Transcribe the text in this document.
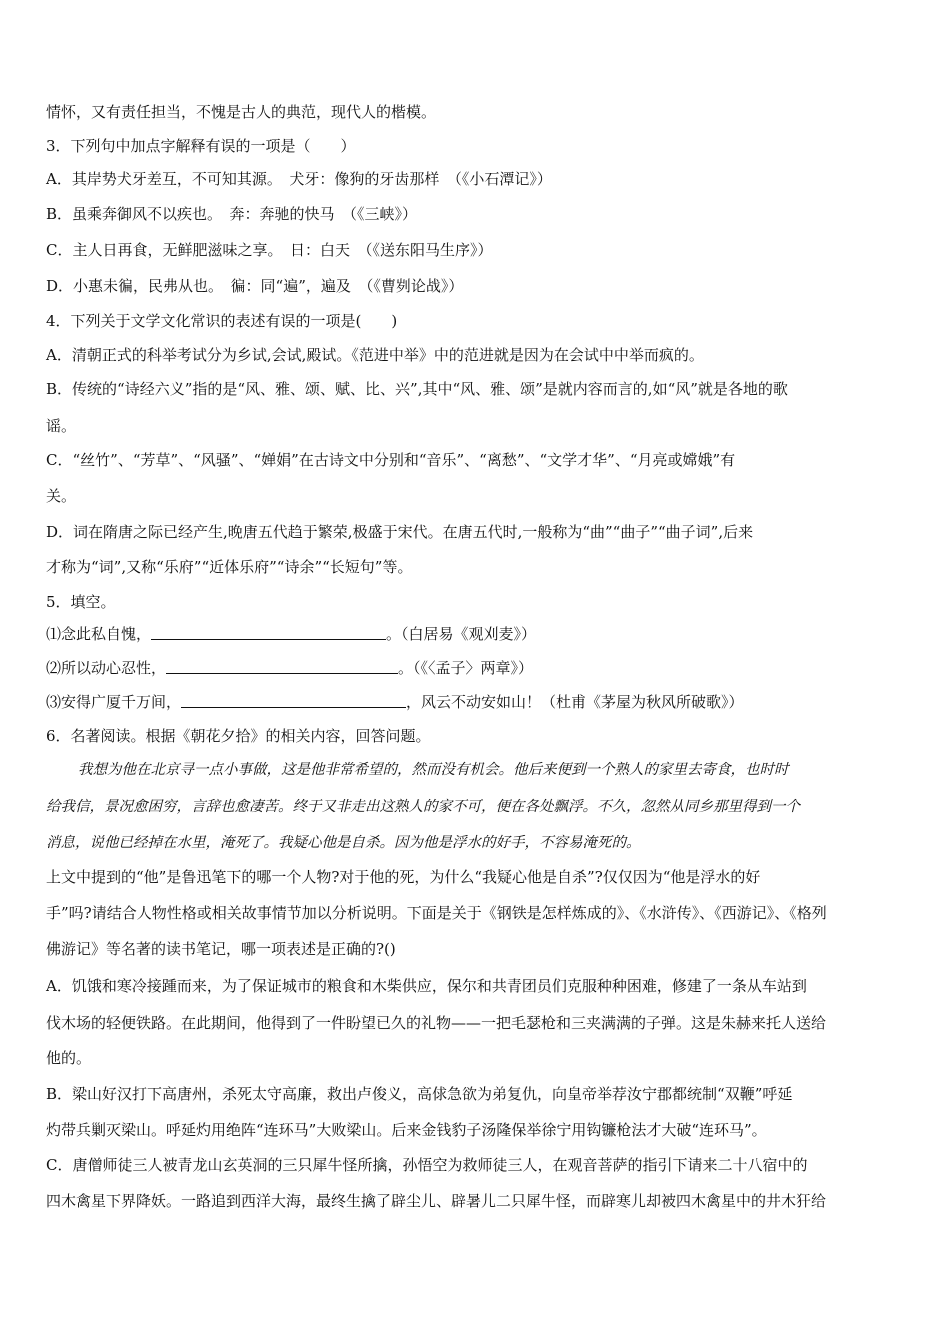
情怀，又有责任担当，不愧是古人的典范，现代人的楷模。
3．下列句中加点字解释有误的一项是（　　）
A．其岸势犬牙差互，不可知其源。　犬牙：像狗的牙齿那样　（《小石潭记》）
B．虽乘奔御风不以疾也。　奔：奔驰的快马　（《三峡》）
C．主人日再食，无鲜肥滋味之享。　日：白天　（《送东阳马生序》）
D．小惠未徧，民弗从也。　徧：同“遍”，遍及　（《曹刿论战》）
4．下列关于文学文化常识的表述有误的一项是(　　)
A．清朝正式的科举考试分为乡试,会试,殿试。《范进中举》中的范进就是因为在会试中中举而疯的。
B．传统的“诗经六义”指的是“风、雅、颂、赋、比、兴”,其中“风、雅、颂”是就内容而言的,如“风”就是各地的歌
谣。
C．“丝竹”、“芳草”、“风骚”、“婵娟”在古诗文中分别和“音乐”、“离愁”、“文学才华”、“月亮或嫦娥”有
关。
D．词在隋唐之际已经产生,晚唐五代趋于繁荣,极盛于宋代。在唐五代时,一般称为“曲”“曲子”“曲子词”,后来
才称为“词”,又称“乐府”“近体乐府”“诗余”“长短句”等。
5．填空。
⑴念此私自愧，	。（白居易《观刈麦》）
⑵所以动心忍性，	。（《〈孟子〉两章》）
⑶安得广厦千万间，	，风云不动安如山！（杜甫《茅屋为秋风所破歌》）
6．名著阅读。根据《朝花夕拾》的相关内容，回答问题。
我想为他在北京寻一点小事做，这是他非常希望的，然而没有机会。他后来便到一个熟人的家里去寄食，也时时
给我信，景况愈困穷，言辞也愈凄苦。终于又非走出这熟人的家不可，便在各处飘浮。不久，忽然从同乡那里得到一个
消息，说他已经掉在水里，淹死了。我疑心他是自杀。因为他是浮水的好手，不容易淹死的。
上文中提到的“他”是鲁迅笔下的哪一个人物?对于他的死，为什么“我疑心他是自杀”?仅仅因为“他是浮水的好
手”吗?请结合人物性格或相关故事情节加以分析说明。下面是关于《钢铁是怎样炼成的》、《水浒传》、《西游记》、《格列
佛游记》等名著的读书笔记，哪一项表述是正确的?()
A．饥饿和寒冷接踵而来，为了保证城市的粮食和木柴供应，保尔和共青团员们克服种种困难，修建了一条从车站到
伐木场的轻便铁路。在此期间，他得到了一件盼望已久的礼物——一把毛瑟枪和三夹满满的子弹。这是朱赫来托人送给
他的。
B．梁山好汉打下高唐州，杀死太守高廉，救出卢俊义，高俅急欲为弟复仇，向皇帝举荐汝宁郡都统制“双鞭”呼延
灼带兵剿灭梁山。呼延灼用绝阵“连环马”大败梁山。后来金钱豹子汤隆保举徐宁用钩镰枪法才大破“连环马”。
C．唐僧师徒三人被青龙山玄英洞的三只犀牛怪所擒，孙悟空为救师徒三人，在观音菩萨的指引下请来二十八宿中的
四木禽星下界降妖。一路追到西洋大海，最终生擒了辟尘儿、辟暑儿二只犀牛怪，而辟寒儿却被四木禽星中的井木犴给
